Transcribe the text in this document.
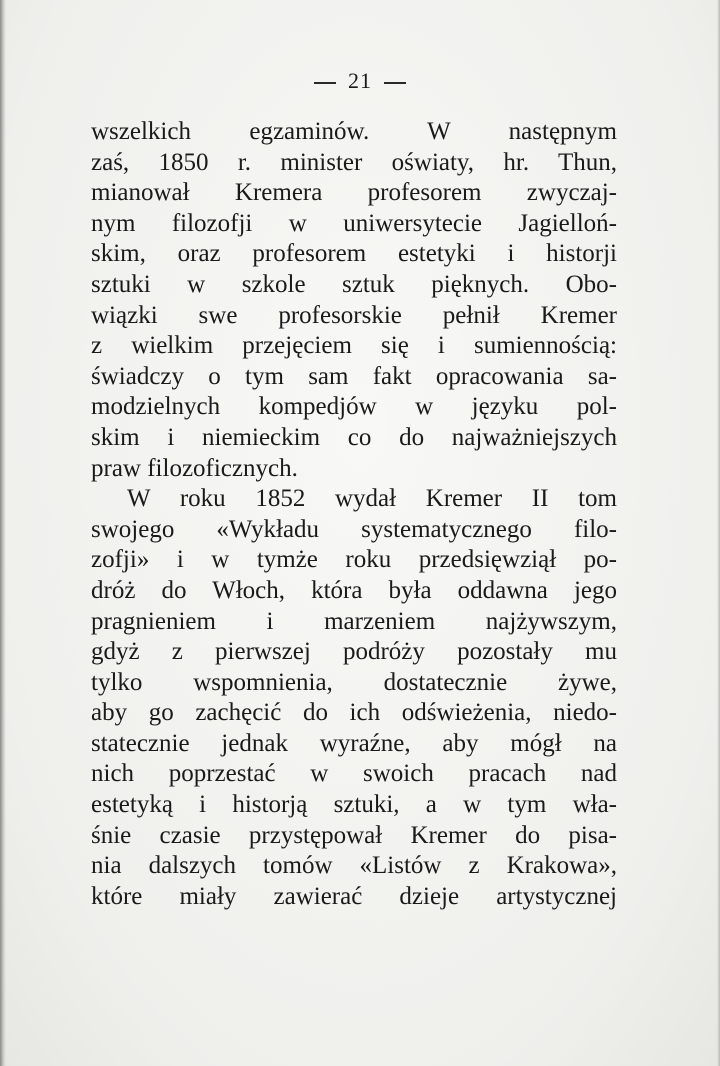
21
wszelkich egzaminów. W następnym
zaś, 1850 r. minister oświaty, hr. Thun,
mianował Kremera profesorem zwyczaj-
nym filozofji w uniwersytecie Jagielloń-
skim, oraz profesorem estetyki i historji
sztuki w szkole sztuk pięknych. Obo-
wiązki swe profesorskie pełnił Kremer
z wielkim przejęciem się i sumiennością:
świadczy o tym sam fakt opracowania sa-
modzielnych kompedjów w języku pol-
skim i niemieckim co do najważniejszych
praw filozoficznych.
W roku 1852 wydał Kremer II tom
swojego «Wykładu systematycznego filo-
zofji» i w tymże roku przedsięwziął po-
dróż do Włoch, która była oddawna jego
pragnieniem i marzeniem najżywszym,
gdyż z pierwszej podróży pozostały mu
tylko wspomnienia, dostatecznie żywe,
aby go zachęcić do ich odświeżenia, niedo-
statecznie jednak wyraźne, aby mógł na
nich poprzestać w swoich pracach nad
estetyką i historją sztuki, a w tym wła-
śnie czasie przystępował Kremer do pisa-
nia dalszych tomów «Listów z Krakowa»,
które miały zawierać dzieje artystycznej
